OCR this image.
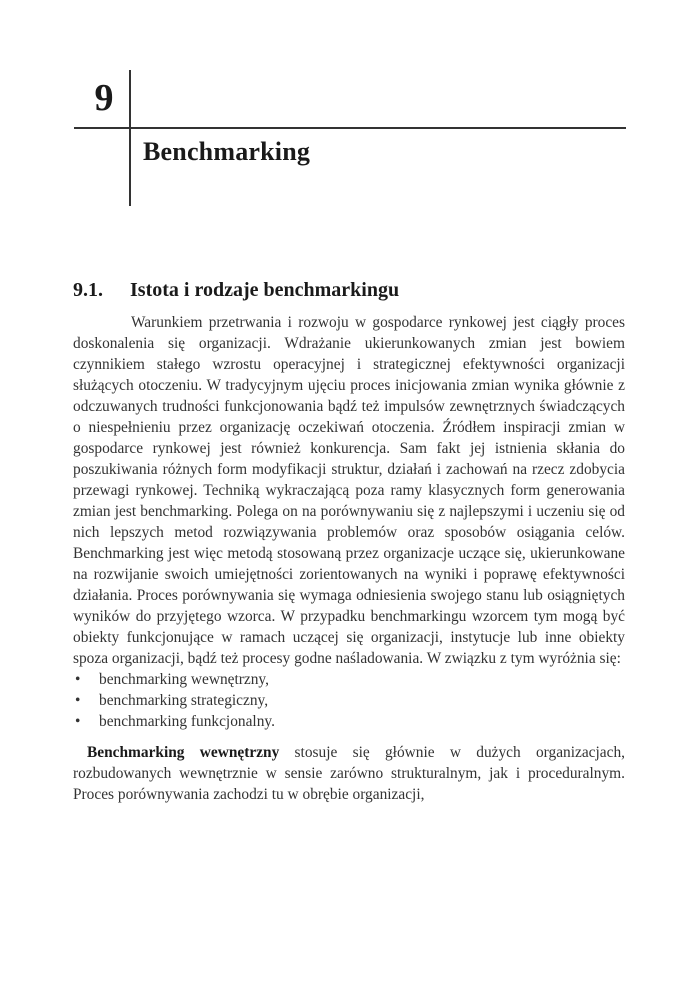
9
Benchmarking
9.1. Istota i rodzaje benchmarkingu

Warunkiem przetrwania i rozwoju w gospodarce rynkowej jest ciągły proces doskonalenia się organizacji. Wdrażanie ukierunkowanych zmian jest bowiem czynnikiem stałego wzrostu operacyjnej i strategicznej efektywności organizacji służących otoczeniu. W tradycyjnym ujęciu proces inicjowania zmian wynika głównie z odczuwanych trudności funkcjonowania bądź też impulsów zewnętrznych świadczących o niespełnieniu przez organizację oczekiwań otoczenia. Źródłem inspiracji zmian w gospodarce rynkowej jest również konkurencja. Sam fakt jej istnienia skłania do poszukiwania różnych form modyfikacji struktur, działań i zachowań na rzecz zdobycia przewagi rynkowej. Techniką wykraczającą poza ramy klasycznych form generowania zmian jest benchmarking. Polega on na porównywaniu się z najlepszymi i uczeniu się od nich lepszych metod rozwiązywania problemów oraz sposobów osiągania celów. Benchmarking jest więc metodą stosowaną przez organizacje uczące się, ukierunkowane na rozwijanie swoich umiejętności zorientowanych na wyniki i poprawę efektywności działania. Proces porównywania się wymaga odniesienia swojego stanu lub osiągniętych wyników do przyjętego wzorca. W przypadku benchmarkingu wzorcem tym mogą być obiekty funkcjonujące w ramach uczącej się organizacji, instytucje lub inne obiekty spoza organizacji, bądź też procesy godne naśladowania. W związku z tym wyróżnia się:

• benchmarking wewnętrzny,
• benchmarking strategiczny,
• benchmarking funkcjonalny.

Benchmarking wewnętrzny stosuje się głównie w dużych organizacjach, rozbudowanych wewnętrznie w sensie zarówno strukturalnym, jak i proceduralnym. Proces porównywania zachodzi tu w obrębie organizacji,
